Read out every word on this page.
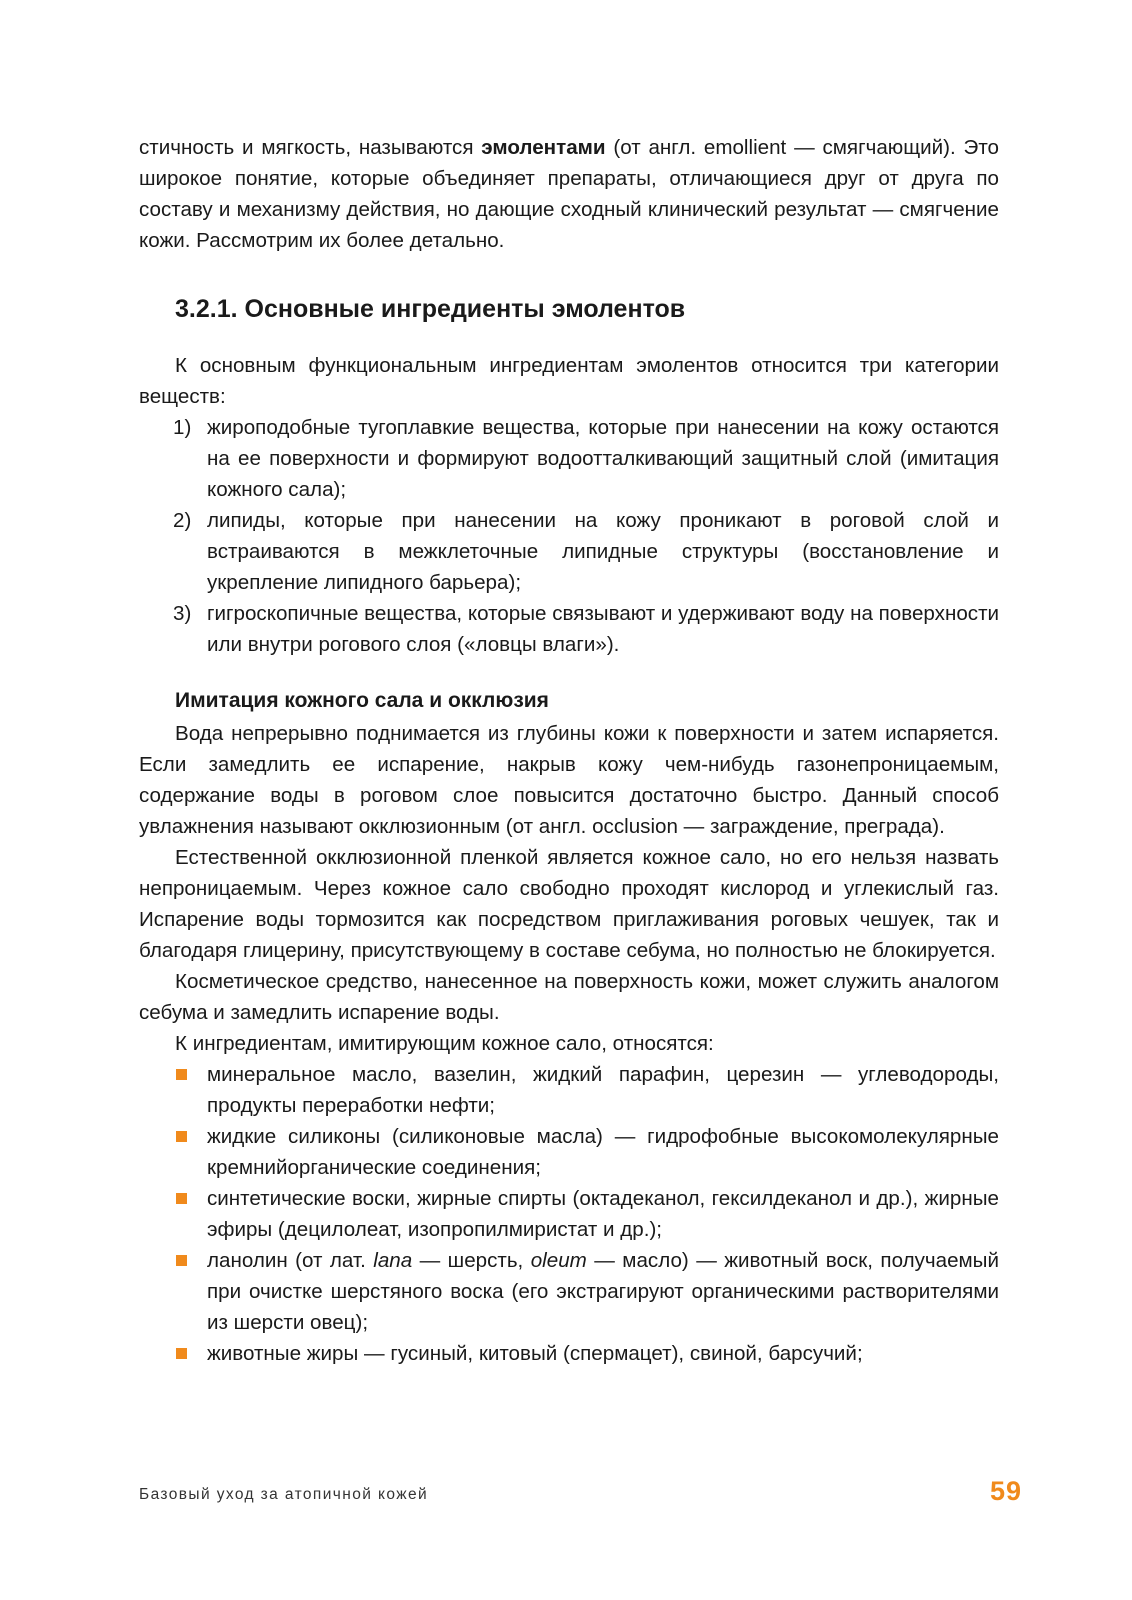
стичность и мягкость, называются эмолентами (от англ. emollient — смягчающий). Это широкое понятие, которые объединяет препараты, отличающиеся друг от друга по составу и механизму действия, но дающие сходный клинический результат — смягчение кожи. Рассмотрим их более детально.

3.2.1. Основные ингредиенты эмолентов

К основным функциональным ингредиентам эмолентов относится три категории веществ:

1) жироподобные тугоплавкие вещества, которые при нанесении на кожу остаются на ее поверхности и формируют водоотталкивающий защитный слой (имитация кожного сала);
2) липиды, которые при нанесении на кожу проникают в роговой слой и встраиваются в межклеточные липидные структуры (восстановление и укрепление липидного барьера);
3) гигроскопичные вещества, которые связывают и удерживают воду на поверхности или внутри рогового слоя («ловцы влаги»).
Имитация кожного сала и окклюзия

Вода непрерывно поднимается из глубины кожи к поверхности и затем испаряется. Если замедлить ее испарение, накрыв кожу чем-нибудь газонепроницаемым, содержание воды в роговом слое повысится достаточно быстро. Данный способ увлажнения называют окклюзионным (от англ. occlusion — заграждение, преграда).

Естественной окклюзионной пленкой является кожное сало, но его нельзя назвать непроницаемым. Через кожное сало свободно проходят кислород и углекислый газ. Испарение воды тормозится как посредством приглаживания роговых чешуек, так и благодаря глицерину, присутствующему в составе себума, но полностью не блокируется.

Косметическое средство, нанесенное на поверхность кожи, может служить аналогом себума и замедлить испарение воды.

К ингредиентам, имитирующим кожное сало, относятся:

минеральное масло, вазелин, жидкий парафин, церезин — углеводороды, продукты переработки нефти;
жидкие силиконы (силиконовые масла) — гидрофобные высокомолекулярные кремнийорганические соединения;
синтетические воски, жирные спирты (октадеканол, гексилдеканол и др.), жирные эфиры (децилолеат, изопропилмиристат и др.);
ланолин (от лат. lana — шерсть, oleum — масло) — животный воск, получаемый при очистке шерстяного воска (его экстрагируют органическими растворителями из шерсти овец);
животные жиры — гусиный, китовый (спермацет), свиной, барсучий;
Базовый уход за атопичной кожей	59
